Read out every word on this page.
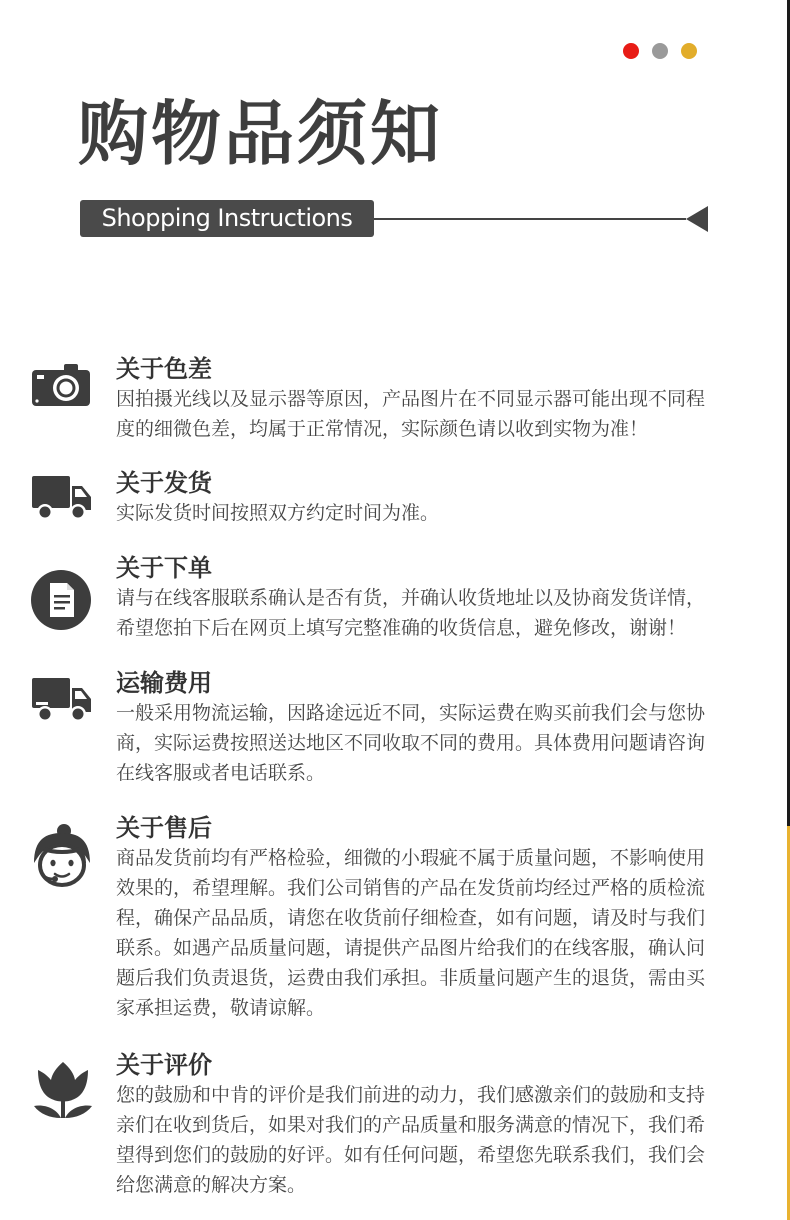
购物品须知
Shopping Instructions
关于色差
因拍摄光线以及显示器等原因，产品图片在不同显示器可能出现不同程
度的细微色差，均属于正常情况，实际颜色请以收到实物为准！
关于发货
实际发货时间按照双方约定时间为准。
关于下单
请与在线客服联系确认是否有货，并确认收货地址以及协商发货详情，
希望您拍下后在网页上填写完整准确的收货信息，避免修改，谢谢！
运输费用
一般采用物流运输，因路途远近不同，实际运费在购买前我们会与您协
商，实际运费按照送达地区不同收取不同的费用。具体费用问题请咨询
在线客服或者电话联系。
关于售后
商品发货前均有严格检验，细微的小瑕疵不属于质量问题，不影响使用
效果的，希望理解。我们公司销售的产品在发货前均经过严格的质检流
程，确保产品品质，请您在收货前仔细检查，如有问题，请及时与我们
联系。如遇产品质量问题，请提供产品图片给我们的在线客服，确认问
题后我们负责退货，运费由我们承担。非质量问题产生的退货，需由买
家承担运费，敬请谅解。
关于评价
您的鼓励和中肯的评价是我们前进的动力，我们感激亲们的鼓励和支持
亲们在收到货后，如果对我们的产品质量和服务满意的情况下，我们希
望得到您们的鼓励的好评。如有任何问题，希望您先联系我们，我们会
给您满意的解决方案。
